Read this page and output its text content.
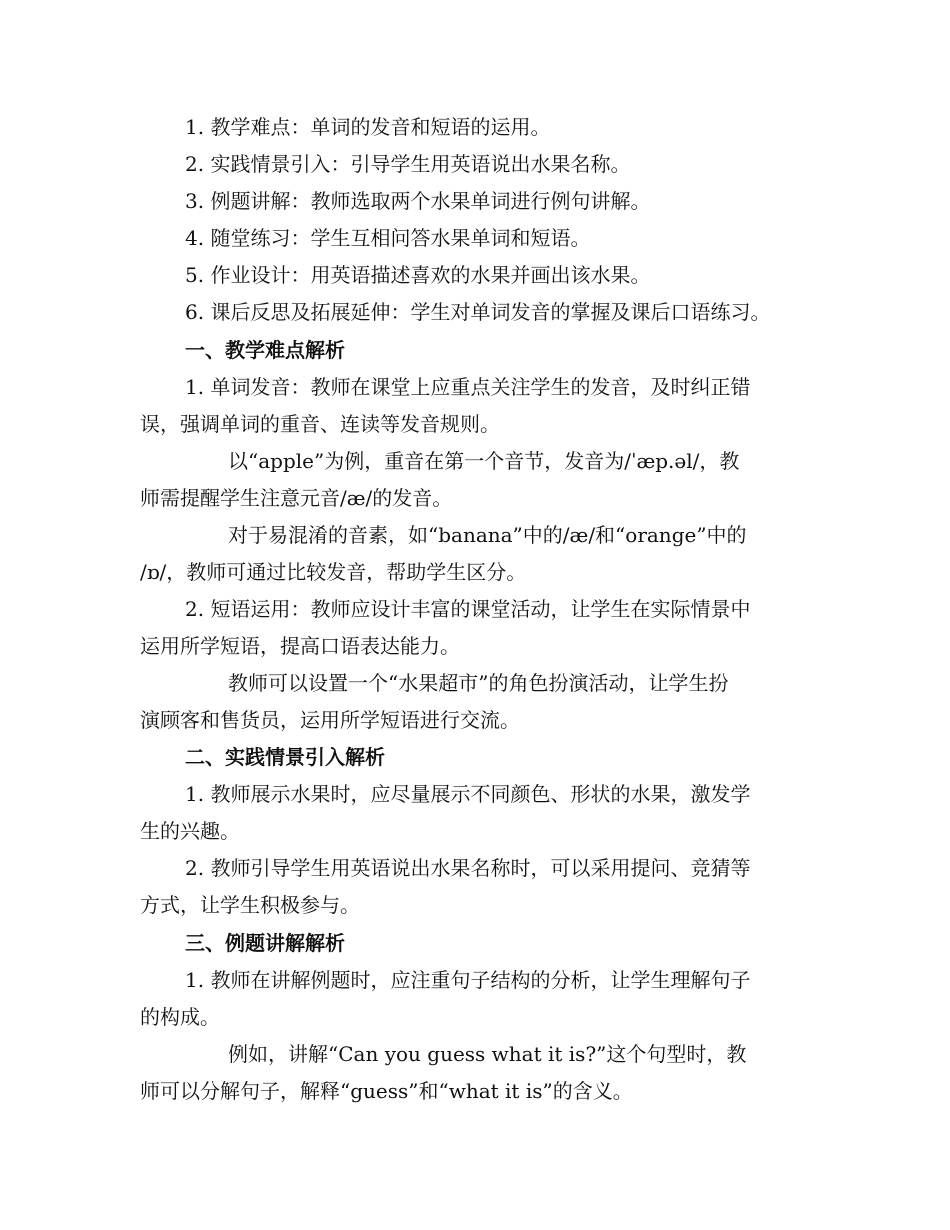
1. 教学难点：单词的发音和短语的运用。
2. 实践情景引入：引导学生用英语说出水果名称。
3. 例题讲解：教师选取两个水果单词进行例句讲解。
4. 随堂练习：学生互相问答水果单词和短语。
5. 作业设计：用英语描述喜欢的水果并画出该水果。
6. 课后反思及拓展延伸：学生对单词发音的掌握及课后口语练习。
一、教学难点解析
1. 单词发音：教师在课堂上应重点关注学生的发音，及时纠正错
误，强调单词的重音、连读等发音规则。
以“apple”为例，重音在第一个音节，发音为/ˈæp.əl/，教
师需提醒学生注意元音/æ/的发音。
对于易混淆的音素，如“banana”中的/æ/和“orange”中的
/ɒ/，教师可通过比较发音，帮助学生区分。
2. 短语运用：教师应设计丰富的课堂活动，让学生在实际情景中
运用所学短语，提高口语表达能力。
教师可以设置一个“水果超市”的角色扮演活动，让学生扮
演顾客和售货员，运用所学短语进行交流。
二、实践情景引入解析
1. 教师展示水果时，应尽量展示不同颜色、形状的水果，激发学
生的兴趣。
2. 教师引导学生用英语说出水果名称时，可以采用提问、竞猜等
方式，让学生积极参与。
三、例题讲解解析
1. 教师在讲解例题时，应注重句子结构的分析，让学生理解句子
的构成。
例如，讲解“Can you guess what it is?”这个句型时，教
师可以分解句子，解释“guess”和“what it is”的含义。
